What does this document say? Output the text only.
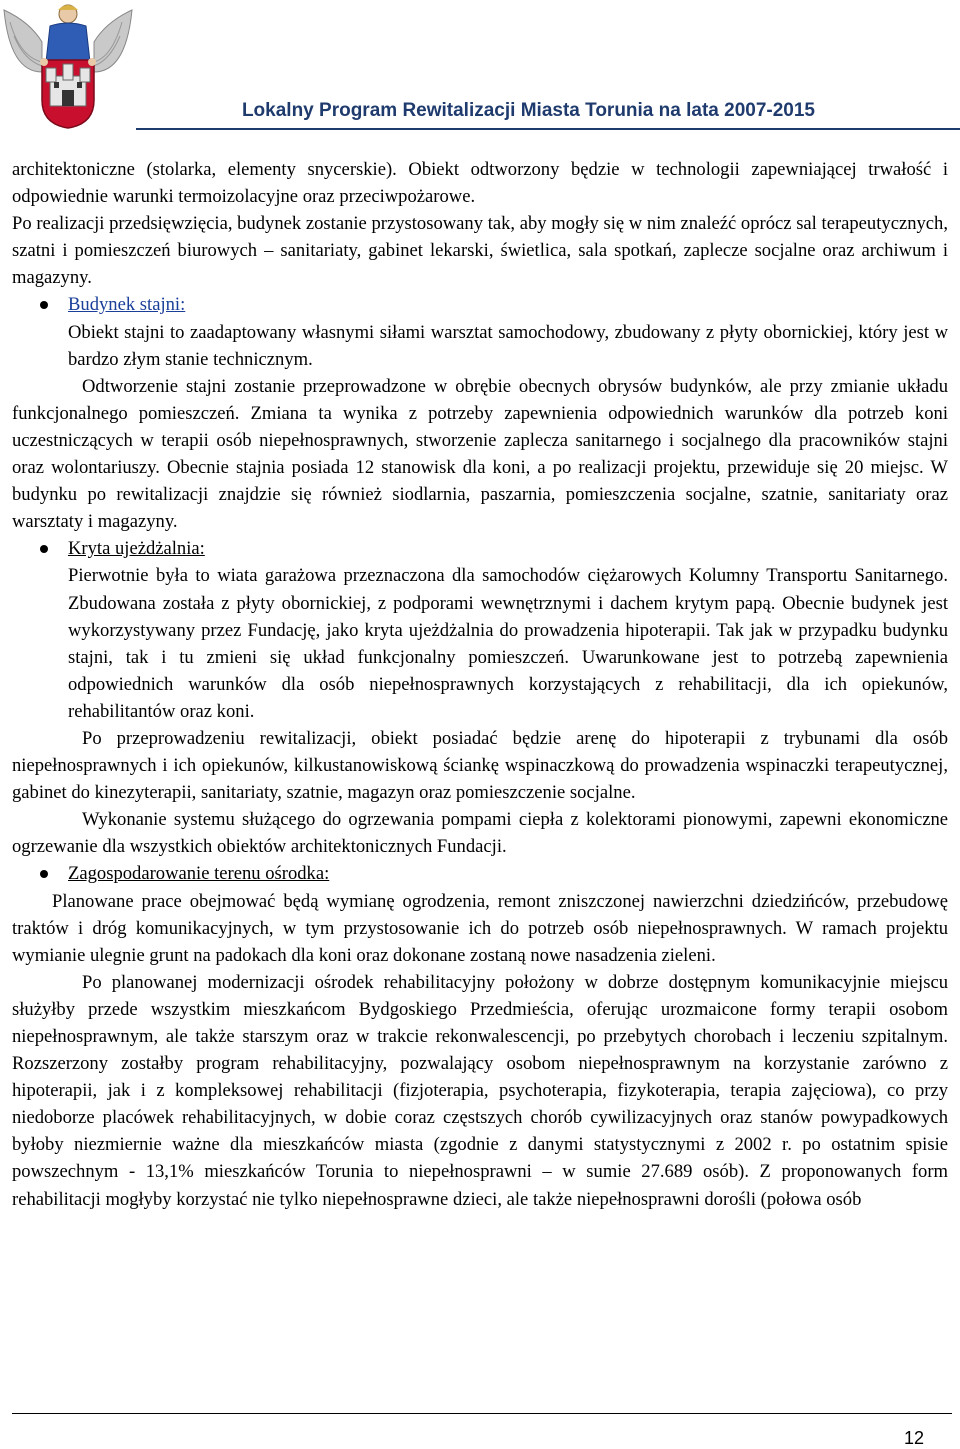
Lokalny Program Rewitalizacji Miasta Torunia na lata 2007-2015

architektoniczne (stolarka, elementy snycerskie). Obiekt odtworzony będzie w technologii zapewniającej trwałość i odpowiednie warunki termoizolacyjne oraz przeciwpożarowe.

Po realizacji przedsięwzięcia, budynek zostanie przystosowany tak, aby mogły się w nim znaleźć oprócz sal terapeutycznych, szatni i pomieszczeń biurowych – sanitariaty, gabinet lekarski, świetlica, sala spotkań, zaplecze socjalne oraz archiwum i magazyny.

Budynek stajni:
Obiekt stajni to zaadaptowany własnymi siłami warsztat samochodowy, zbudowany z płyty obornickiej, który jest w bardzo złym stanie technicznym.

Odtworzenie stajni zostanie przeprowadzone w obrębie obecnych obrysów budynków, ale przy zmianie układu funkcjonalnego pomieszczeń. Zmiana ta wynika z potrzeby zapewnienia odpowiednich warunków dla potrzeb koni uczestniczących w terapii osób niepełnosprawnych, stworzenie zaplecza sanitarnego i socjalnego dla pracowników stajni oraz wolontariuszy. Obecnie stajnia posiada 12 stanowisk dla koni, a po realizacji projektu, przewiduje się 20 miejsc. W budynku po rewitalizacji znajdzie się również siodlarnia, paszarnia, pomieszczenia socjalne, szatnie, sanitariaty oraz warsztaty i magazyny.

Kryta ujeżdżalnia:
Pierwotnie była to wiata garażowa przeznaczona dla samochodów ciężarowych Kolumny Transportu Sanitarnego. Zbudowana została z płyty obornickiej, z podporami wewnętrznymi i dachem krytym papą. Obecnie budynek jest wykorzystywany przez Fundację, jako kryta ujeżdżalnia do prowadzenia hipoterapii. Tak jak w przypadku budynku stajni, tak i tu zmieni się układ funkcjonalny pomieszczeń. Uwarunkowane jest to potrzebą zapewnienia odpowiednich warunków dla osób niepełnosprawnych korzystających z rehabilitacji, dla ich opiekunów, rehabilitantów oraz koni.

Po przeprowadzeniu rewitalizacji, obiekt posiadać będzie arenę do hipoterapii z trybunami dla osób niepełnosprawnych i ich opiekunów, kilkustanowiskową ściankę wspinaczkową do prowadzenia wspinaczki terapeutycznej, gabinet do kinezyterapii, sanitariaty, szatnie, magazyn oraz pomieszczenie socjalne.

Wykonanie systemu służącego do ogrzewania pompami ciepła z kolektorami pionowymi, zapewni ekonomiczne ogrzewanie dla wszystkich obiektów architektonicznych Fundacji.

Zagospodarowanie terenu ośrodka:

Planowane prace obejmować będą wymianę ogrodzenia, remont zniszczonej nawierzchni dziedzińców, przebudowę traktów i dróg komunikacyjnych, w tym przystosowanie ich do potrzeb osób niepełnosprawnych. W ramach projektu wymianie ulegnie grunt na padokach dla koni oraz dokonane zostaną nowe nasadzenia zieleni.

Po planowanej modernizacji ośrodek rehabilitacyjny położony w dobrze dostępnym komunikacyjnie miejscu służyłby przede wszystkim mieszkańcom Bydgoskiego Przedmieścia, oferując urozmaicone formy terapii osobom niepełnosprawnym, ale także starszym oraz w trakcie rekonwalescencji, po przebytych chorobach i leczeniu szpitalnym. Rozszerzony zostałby program rehabilitacyjny, pozwalający osobom niepełnosprawnym na korzystanie zarówno z hipoterapii, jak i z kompleksowej rehabilitacji (fizjoterapia, psychoterapia, fizykoterapia, terapia zajęciowa), co przy niedoborze placówek rehabilitacyjnych, w dobie coraz częstszych chorób cywilizacyjnych oraz stanów powypadkowych byłoby niezmiernie ważne dla mieszkańców miasta (zgodnie z danymi statystycznymi z 2002 r. po ostatnim spisie powszechnym - 13,1% mieszkańców Torunia to niepełnosprawni – w sumie 27.689 osób). Z proponowanych form rehabilitacji mogłyby korzystać nie tylko niepełnosprawne dzieci, ale także niepełnosprawni dorośli (połowa osób

12
